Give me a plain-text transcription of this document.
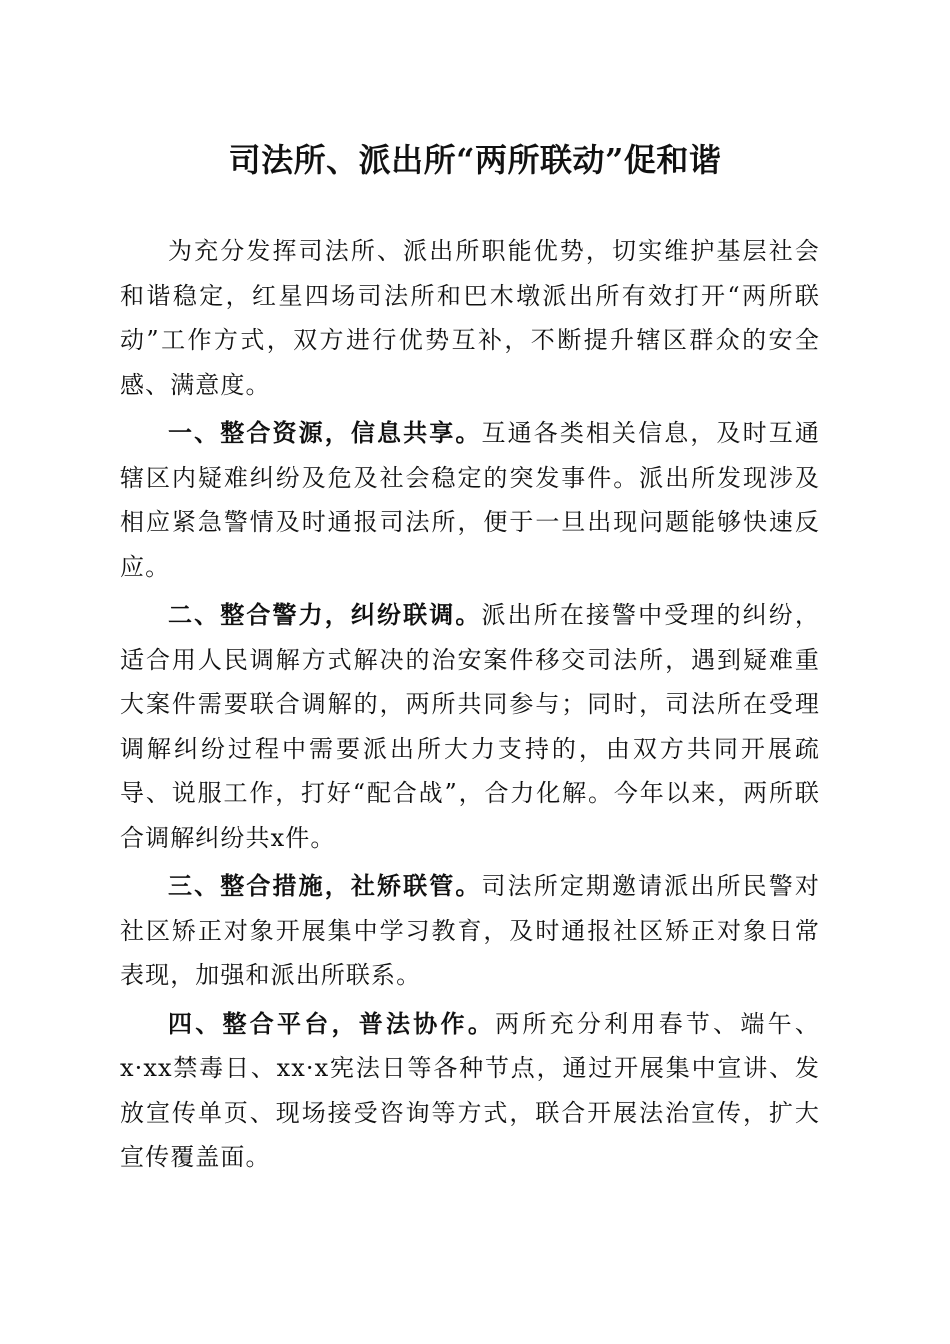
司法所、派出所“两所联动”促和谐

为充分发挥司法所、派出所职能优势，切实维护基层社会和谐稳定，红星四场司法所和巴木墩派出所有效打开“两所联动”工作方式，双方进行优势互补，不断提升辖区群众的安全感、满意度。

一、整合资源，信息共享。互通各类相关信息，及时互通辖区内疑难纠纷及危及社会稳定的突发事件。派出所发现涉及相应紧急警情及时通报司法所，便于一旦出现问题能够快速反应。

二、整合警力，纠纷联调。派出所在接警中受理的纠纷，适合用人民调解方式解决的治安案件移交司法所，遇到疑难重大案件需要联合调解的，两所共同参与；同时，司法所在受理调解纠纷过程中需要派出所大力支持的，由双方共同开展疏导、说服工作，打好“配合战”，合力化解。今年以来，两所联合调解纠纷共x件。

三、整合措施，社矫联管。司法所定期邀请派出所民警对社区矫正对象开展集中学习教育，及时通报社区矫正对象日常表现，加强和派出所联系。

四、整合平台，普法协作。两所充分利用春节、端午、x·xx禁毒日、xx·x宪法日等各种节点，通过开展集中宣讲、发放宣传单页、现场接受咨询等方式，联合开展法治宣传，扩大宣传覆盖面。
